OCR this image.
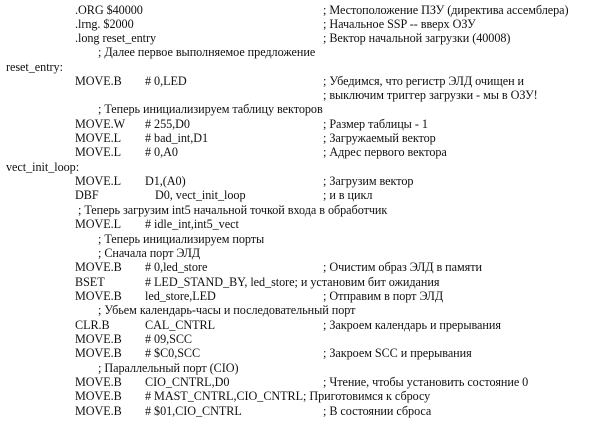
.ORG $40000	; Местоположение ПЗУ (директива ассемблера)
.lrng. $2000	; Начальное SSP -- вверх ОЗУ
.long reset_entry	; Вектор начальной загрузки (40008)
; Далее первое выполняемое предложение
reset_entry:
MOVE.B # 0,LED	; Убедимся, что регистр ЭЛД очищен и
; выключим триггер загрузки - мы в ОЗУ!
; Теперь инициализируем таблицу векторов
MOVE.W # 255,D0	; Размер таблицы - 1
MOVE.L # bad_int,D1	; Загружаемый вектор
MOVE.L # 0,A0	; Адрес первого вектора
vect_init_loop:
MOVE.L D1,(A0)	; Загрузим вектор
DBF	D0, vect_init_loop	; и в цикл
; Теперь загрузим int5 начальной точкой входа в обработчик
MOVE.L # idle_int,int5_vect
; Теперь инициализируем порты
; Сначала порт ЭЛД
MOVE.B # 0,led_store	; Очистим образ ЭЛД в памяти
BSET	# LED_STAND_BY, led_store; и установим бит ожидания
MOVE.B led_store,LED	; Отправим в порт ЭЛД
; Убьем календарь-часы и последовательный порт
CLR.B	CAL_CNTRL	; Закроем календарь и прерывания
MOVE.B # 09,SCC
MOVE.B # $C0,SCC	; Закроем SCC и прерывания
; Параллельный порт (CIO)
MOVE.B CIO_CNTRL,D0	; Чтение, чтобы установить состояние 0
MOVE.B # MAST_CNTRL,CIO_CNTRL; Приготовимся к сбросу
MOVE.B # $01,CIO_CNTRL	; В состоянии сброса
